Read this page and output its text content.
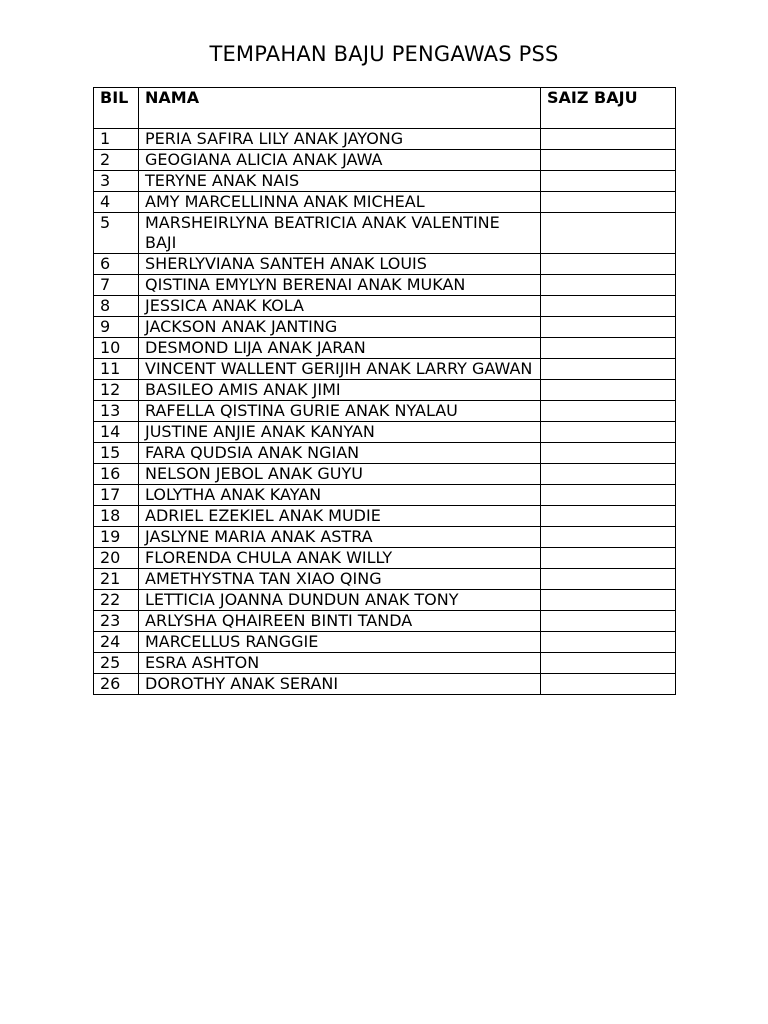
TEMPAHAN BAJU PENGAWAS PSS
BIL	NAMA	SAIZ BAJU
1	PERIA SAFIRA LILY ANAK JAYONG	
2	GEOGIANA ALICIA ANAK JAWA	
3	TERYNE ANAK NAIS	
4	AMY MARCELLINNA ANAK MICHEAL	
5	MARSHEIRLYNA BEATRICIA ANAK VALENTINE BAJI	
6	SHERLYVIANA SANTEH ANAK LOUIS	
7	QISTINA EMYLYN BERENAI ANAK MUKAN	
8	JESSICA ANAK KOLA	
9	JACKSON ANAK JANTING	
10	DESMOND LIJA ANAK JARAN	
11	VINCENT WALLENT GERIJIH ANAK LARRY GAWAN	
12	BASILEO AMIS ANAK JIMI	
13	RAFELLA QISTINA GURIE ANAK NYALAU	
14	JUSTINE ANJIE ANAK KANYAN	
15	FARA QUDSIA ANAK NGIAN	
16	NELSON JEBOL ANAK GUYU	
17	LOLYTHA ANAK KAYAN	
18	ADRIEL EZEKIEL ANAK MUDIE	
19	JASLYNE MARIA ANAK ASTRA	
20	FLORENDA CHULA ANAK WILLY	
21	AMETHYSTNA TAN XIAO QING	
22	LETTICIA JOANNA DUNDUN ANAK TONY	
23	ARLYSHA QHAIREEN BINTI TANDA	
24	MARCELLUS RANGGIE	
25	ESRA ASHTON	
26	DOROTHY ANAK SERANI	
